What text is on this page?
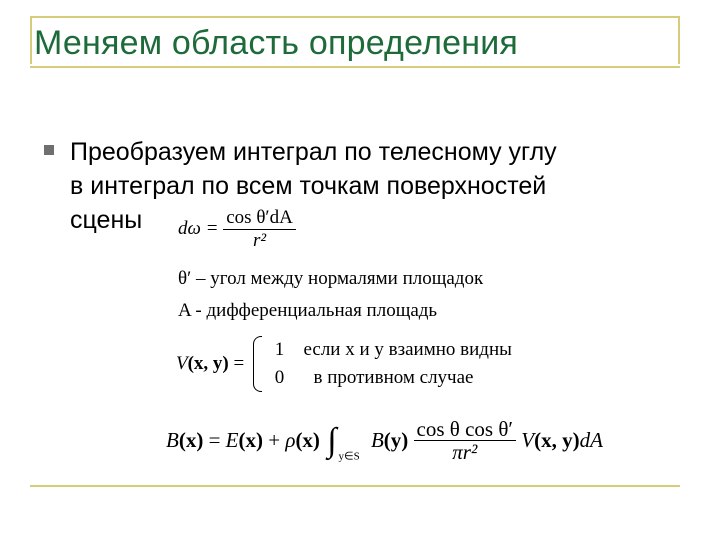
Меняем область определения
Преобразуем интеграл по телесному углу
в интеграл по всем точкам поверхностей
сцены	$d\omega = \frac{\text{cos θ′dA}}{\text{r²}}$
θ′ – угол между нормалями площадок
A - дифференциальная площадь
V(x, y) =
1 если x и y взаимно видны
0 в противном случае
B(x) = E(x) + ρ(x) ∫ $_{y\in S}$ $B(y) \frac{\text{cos θ cos θ′}}{\text{πr²}} V(x$, y)dA
